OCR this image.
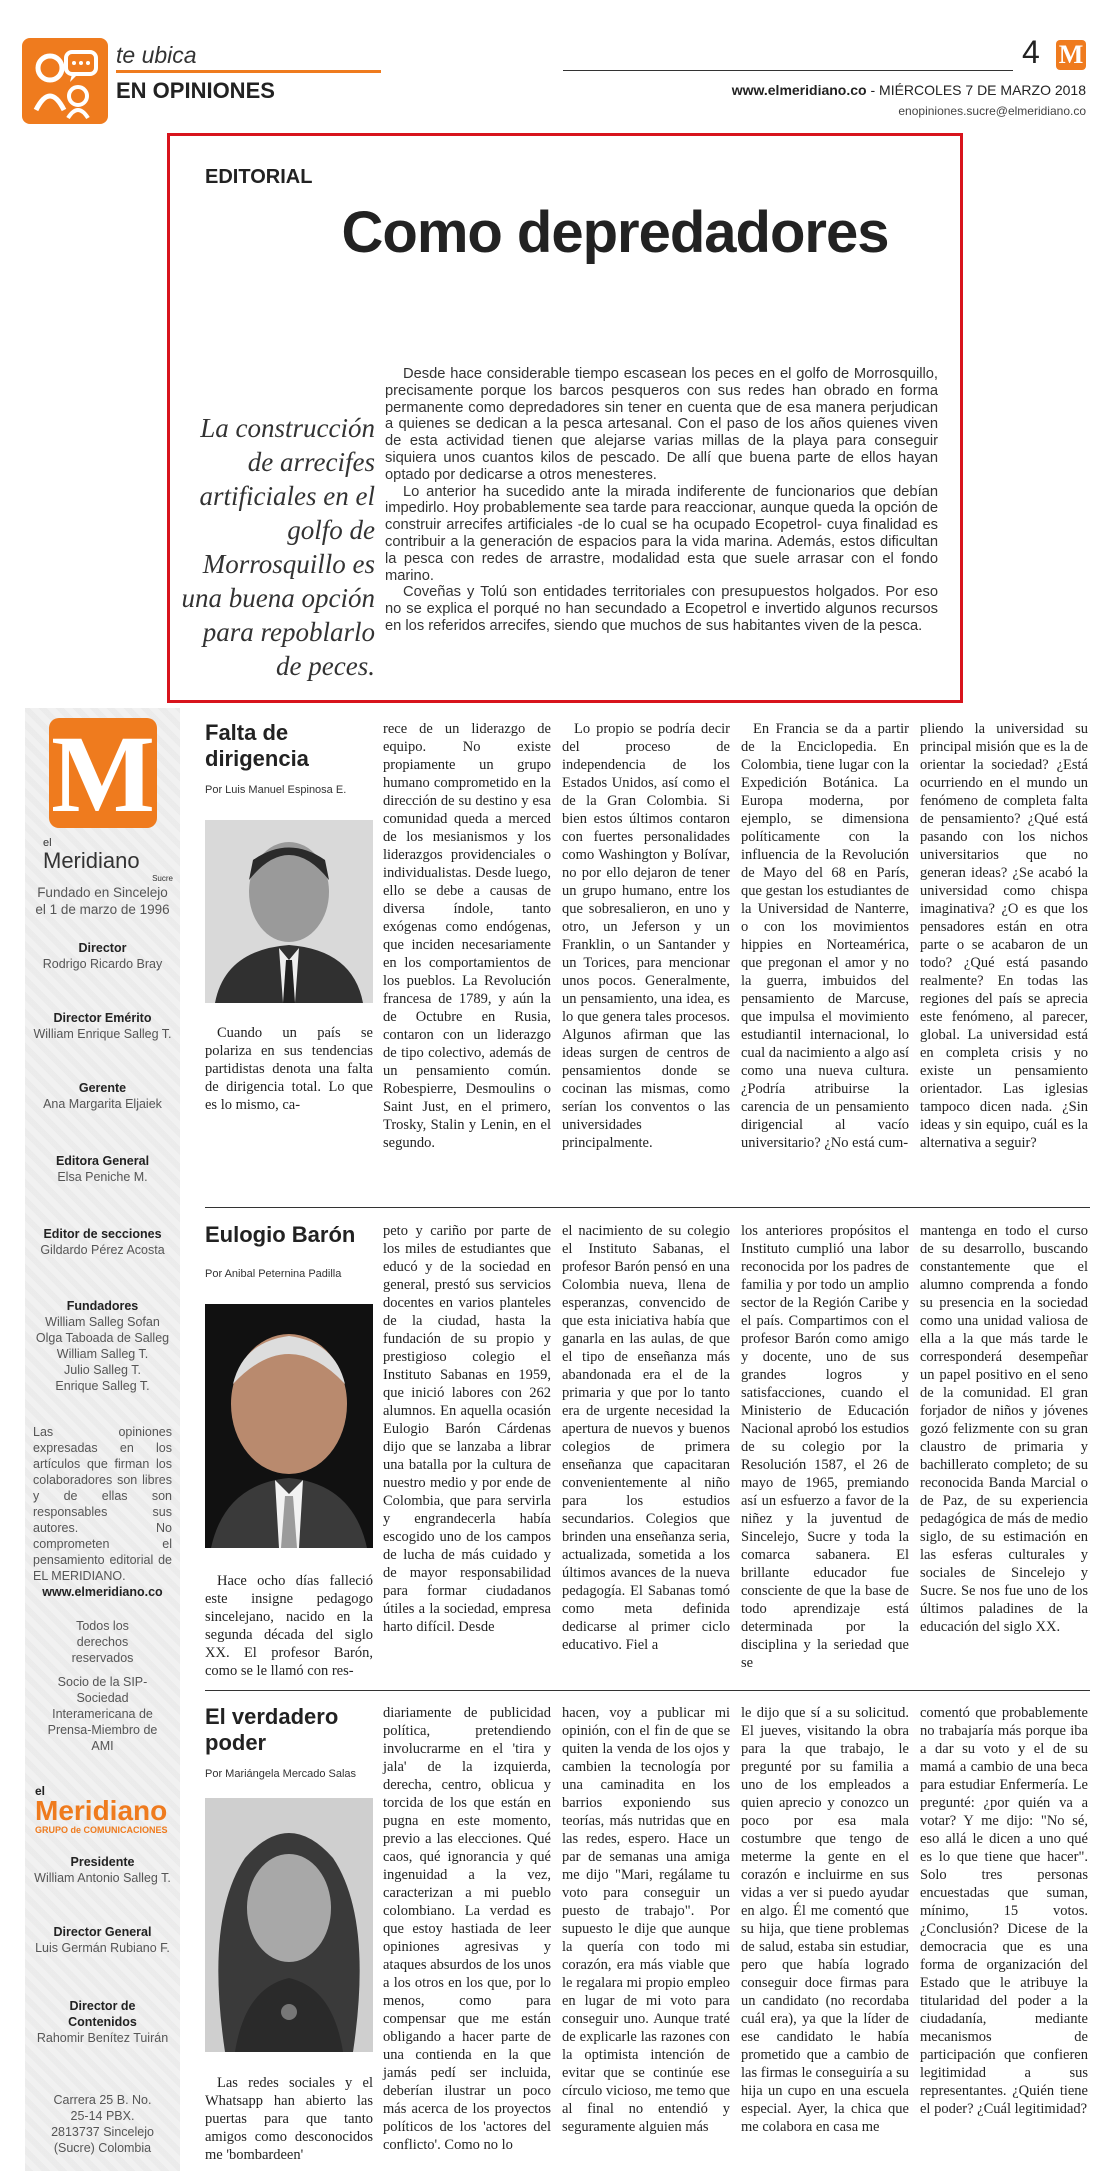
te ubica
EN OPINIONES
4 M
www.elmeridiano.co - MIÉRCOLES 7 DE MARZO 2018
enopiniones.sucre@elmeridiano.co
EDITORIAL
Como depredadores
La construcción de arrecifes artificiales en el golfo de Morrosquillo es una buena opción para repoblarlo de peces.

Desde hace considerable tiempo escasean los peces en el golfo de Morrosquillo, precisamente porque los barcos pesqueros con sus redes han obrado en forma permanente como depredadores sin tener en cuenta que de esa manera perjudican a quienes se dedican a la pesca artesanal. Con el paso de los años quienes viven de esta actividad tienen que alejarse varias millas de la playa para conseguir siquiera unos cuantos kilos de pescado. De allí que buena parte de ellos hayan optado por dedicarse a otros menesteres.

Lo anterior ha sucedido ante la mirada indiferente de funcionarios que debían impedirlo. Hoy probablemente sea tarde para reaccionar, aunque queda la opción de construir arrecifes artificiales -de lo cual se ha ocupado Ecopetrol- cuya finalidad es contribuir a la generación de espacios para la vida marina. Además, estos dificultan la pesca con redes de arrastre, modalidad esta que suele arrasar con el fondo marino.

Coveñas y Tolú son entidades territoriales con presupuestos holgados. Por eso no se explica el porqué no han secundado a Ecopetrol e invertido algunos recursos en los referidos arrecifes, siendo que muchos de sus habitantes viven de la pesca.

M
el
Meridiano
Sucre
Fundado en Sincelejo el 1 de marzo de 1996
Director
Rodrigo Ricardo Bray
Director Emérito
William Enrique Salleg T.
Gerente
Ana Margarita Eljaiek
Editora General
Elsa Peniche M.
Editor de secciones
Gildardo Pérez Acosta
Fundadores
William Salleg Sofan
Olga Taboada de Salleg
William Salleg T.
Julio Salleg T.
Enrique Salleg T.
Las opiniones expresadas en los artículos que firman los colaboradores son libres y de ellas son responsables sus autores. No comprometen el pensamiento editorial de EL MERIDIANO.
www.elmeridiano.co
Todos los derechos reservados
Socio de la SIP-Sociedad Interamericana de Prensa-Miembro de AMI
el
Meridiano
GRUPO de COMUNICACIONES
Presidente
William Antonio Salleg T.
Director General
Luis Germán Rubiano F.
Director de Contenidos
Rahomir Benítez Tuirán
Carrera 25 B. No. 25-14 PBX. 2813737 Sincelejo (Sucre) Colombia
Falta de dirigencia
Por Luis Manuel Espinosa E.
Cuando un país se polariza en sus tendencias partidistas denota una falta de dirigencia total. Lo que es lo mismo, ca-
rece de un liderazgo de equipo. No existe propiamente un grupo humano comprometido en la dirección de su destino y esa comunidad queda a merced de los mesianismos y los liderazgos providenciales o individualistas. Desde luego, ello se debe a causas de diversa índole, tanto exógenas como endógenas, que inciden necesariamente en los comportamientos de los pueblos. La Revolución francesa de 1789, y aún la de Octubre en Rusia, contaron con un liderazgo de tipo colectivo, además de un pensamiento común. Robespierre, Desmoulins o Saint Just, en el primero, Trosky, Stalin y Lenin, en el segundo.
Lo propio se podría decir del proceso de independencia de los Estados Unidos, así como el de la Gran Colombia. Si bien estos últimos contaron con fuertes personalidades como Washington y Bolívar, no por ello dejaron de tener un grupo humano, entre los que sobresalieron, en uno y otro, un Jeferson y un Franklin, o un Santander y un Torices, para mencionar unos pocos. Generalmente, un pensamiento, una idea, es lo que genera tales procesos. Algunos afirman que las ideas surgen de centros de pensamientos donde se cocinan las mismas, como serían los conventos o las universidades principalmente.
En Francia se da a partir de la Enciclopedia. En Colombia, tiene lugar con la Expedición Botánica. La Europa moderna, por ejemplo, se dimensiona políticamente con la influencia de la Revolución de Mayo del 68 en París, que gestan los estudiantes de la Universidad de Nanterre, o con los movimientos hippies en Norteamérica, que pregonan el amor y no la guerra, imbuidos del pensamiento de Marcuse, que impulsa el movimiento estudiantil internacional, lo cual da nacimiento a algo así como una nueva cultura. ¿Podría atribuirse la carencia de un pensamiento dirigencial al vacío universitario? ¿No está cum-
pliendo la universidad su principal misión que es la de orientar la sociedad? ¿Está ocurriendo en el mundo un fenómeno de completa falta de pensamiento? ¿Qué está pasando con los nichos universitarios que no generan ideas? ¿Se acabó la universidad como chispa imaginativa? ¿O es que los pensadores están en otra parte o se acabaron de un todo? ¿Qué está pasando realmente? En todas las regiones del país se aprecia este fenómeno, al parecer, global. La universidad está en completa crisis y no existe un pensamiento orientador. Las iglesias tampoco dicen nada. ¿Sin ideas y sin equipo, cuál es la alternativa a seguir?
Eulogio Barón
Por Anibal Peternina Padilla
Hace ocho días falleció este insigne pedagogo sincelejano, nacido en la segunda década del siglo XX. El profesor Barón, como se le llamó con res-
peto y cariño por parte de los miles de estudiantes que educó y de la sociedad en general, prestó sus servicios docentes en varios planteles de la ciudad, hasta la fundación de su propio y prestigioso colegio el Instituto Sabanas en 1959, que inició labores con 262 alumnos. En aquella ocasión Eulogio Barón Cárdenas dijo que se lanzaba a librar una batalla por la cultura de nuestro medio y por ende de Colombia, que para servirla y engrandecerla había escogido uno de los campos de lucha de más cuidado y de mayor responsabilidad para formar ciudadanos útiles a la sociedad, empresa harto difícil. Desde
el nacimiento de su colegio el Instituto Sabanas, el profesor Barón pensó en una Colombia nueva, llena de esperanzas, convencido de que esta iniciativa había que ganarla en las aulas, de que el tipo de enseñanza más abandonada era el de la primaria y que por lo tanto era de urgente necesidad la apertura de nuevos y buenos colegios de primera enseñanza que capacitaran convenientemente al niño para los estudios secundarios. Colegios que brinden una enseñanza seria, actualizada, sometida a los últimos avances de la nueva pedagogía. El Sabanas tomó como meta definida dedicarse al primer ciclo educativo. Fiel a
los anteriores propósitos el Instituto cumplió una labor reconocida por los padres de familia y por todo un amplio sector de la Región Caribe y el país. Compartimos con el profesor Barón como amigo y docente, uno de sus grandes logros y satisfacciones, cuando el Ministerio de Educación Nacional aprobó los estudios de su colegio por la Resolución 1587, el 26 de mayo de 1965, premiando así un esfuerzo a favor de la niñez y la juventud de Sincelejo, Sucre y toda la comarca sabanera. El brillante educador fue consciente de que la base de todo aprendizaje está determinada por la disciplina y la seriedad que se
mantenga en todo el curso de su desarrollo, buscando constantemente que el alumno comprenda a fondo su presencia en la sociedad como una unidad valiosa de ella a la que más tarde le corresponderá desempeñar un papel positivo en el seno de la comunidad. El gran forjador de niños y jóvenes gozó felizmente con su gran claustro de primaria y bachillerato completo; de su reconocida Banda Marcial o de Paz, de su experiencia pedagógica de más de medio siglo, de su estimación en las esferas culturales y sociales de Sincelejo y Sucre. Se nos fue uno de los últimos paladines de la educación del siglo XX.
El verdadero poder
Por Mariángela Mercado Salas
Las redes sociales y el Whatsapp han abierto las puertas para que tanto amigos como desconocidos me 'bombardeen'
diariamente de publicidad política, pretendiendo involucrarme en el 'tira y jala' de la izquierda, derecha, centro, oblicua y torcida de los que están en pugna en este momento, previo a las elecciones. Qué caos, qué ignorancia y qué ingenuidad a la vez, caracterizan a mi pueblo colombiano. La verdad es que estoy hastiada de leer opiniones agresivas y ataques absurdos de los unos a los otros en los que, por lo menos, como para compensar que me están obligando a hacer parte de una contienda en la que jamás pedí ser incluida, deberían ilustrar un poco más acerca de los proyectos políticos de los 'actores del conflicto'. Como no lo
hacen, voy a publicar mi opinión, con el fin de que se quiten la venda de los ojos y cambien la tecnología por una caminadita en los barrios exponiendo sus teorías, más nutridas que en las redes, espero. Hace un par de semanas una amiga me dijo "Mari, regálame tu voto para conseguir un puesto de trabajo". Por supuesto le dije que aunque la quería con todo mi corazón, era más viable que le regalara mi propio empleo en lugar de mi voto para conseguir uno. Aunque traté de explicarle las razones con la optimista intención de evitar que se continúe ese círculo vicioso, me temo que al final no entendió y seguramente alguien más
le dijo que sí a su solicitud. El jueves, visitando la obra para la que trabajo, le pregunté por su familia a uno de los empleados a quien aprecio y conozco un poco por esa mala costumbre que tengo de meterme la gente en el corazón e incluirme en sus vidas a ver si puedo ayudar en algo. Él me comentó que su hija, que tiene problemas de salud, estaba sin estudiar, pero que había logrado conseguir doce firmas para un candidato (no recordaba cuál era), ya que la líder de ese candidato le había prometido que a cambio de las firmas le conseguiría a su hija un cupo en una escuela especial. Ayer, la chica que me colabora en casa me
comentó que probablemente no trabajaría más porque iba a dar su voto y el de su mamá a cambio de una beca para estudiar Enfermería. Le pregunté: ¿por quién va a votar? Y me dijo: "No sé, eso allá le dicen a uno qué es lo que tiene que hacer". Solo tres personas encuestadas que suman, mínimo, 15 votos. ¿Conclusión? Dicese de la democracia que es una forma de organización del Estado que le atribuye la titularidad del poder a la ciudadanía, mediante mecanismos de participación que confieren legitimidad a sus representantes. ¿Quién tiene el poder? ¿Cuál legitimidad?
